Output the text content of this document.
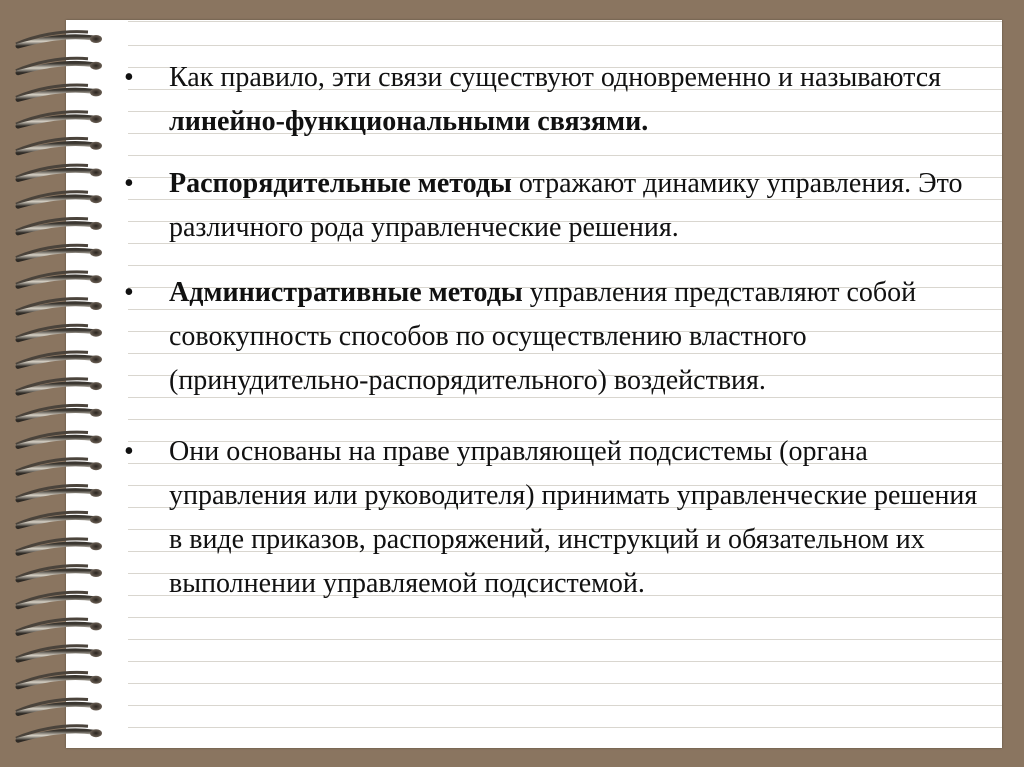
• Как правило, эти связи существуют одновременно и называются линейно-функциональными связями.
• Распорядительные методы отражают динамику управления. Это различного рода управленческие решения.
• Административные методы управления представляют собой совокупность способов по осуществлению властного (принудительно-распорядительного) воздействия.
• Они основаны на праве управляющей подсистемы (органа управления или руководителя) принимать управленческие решения в виде приказов, распоряжений, инструкций и обязательном их выполнении управляемой подсистемой.
